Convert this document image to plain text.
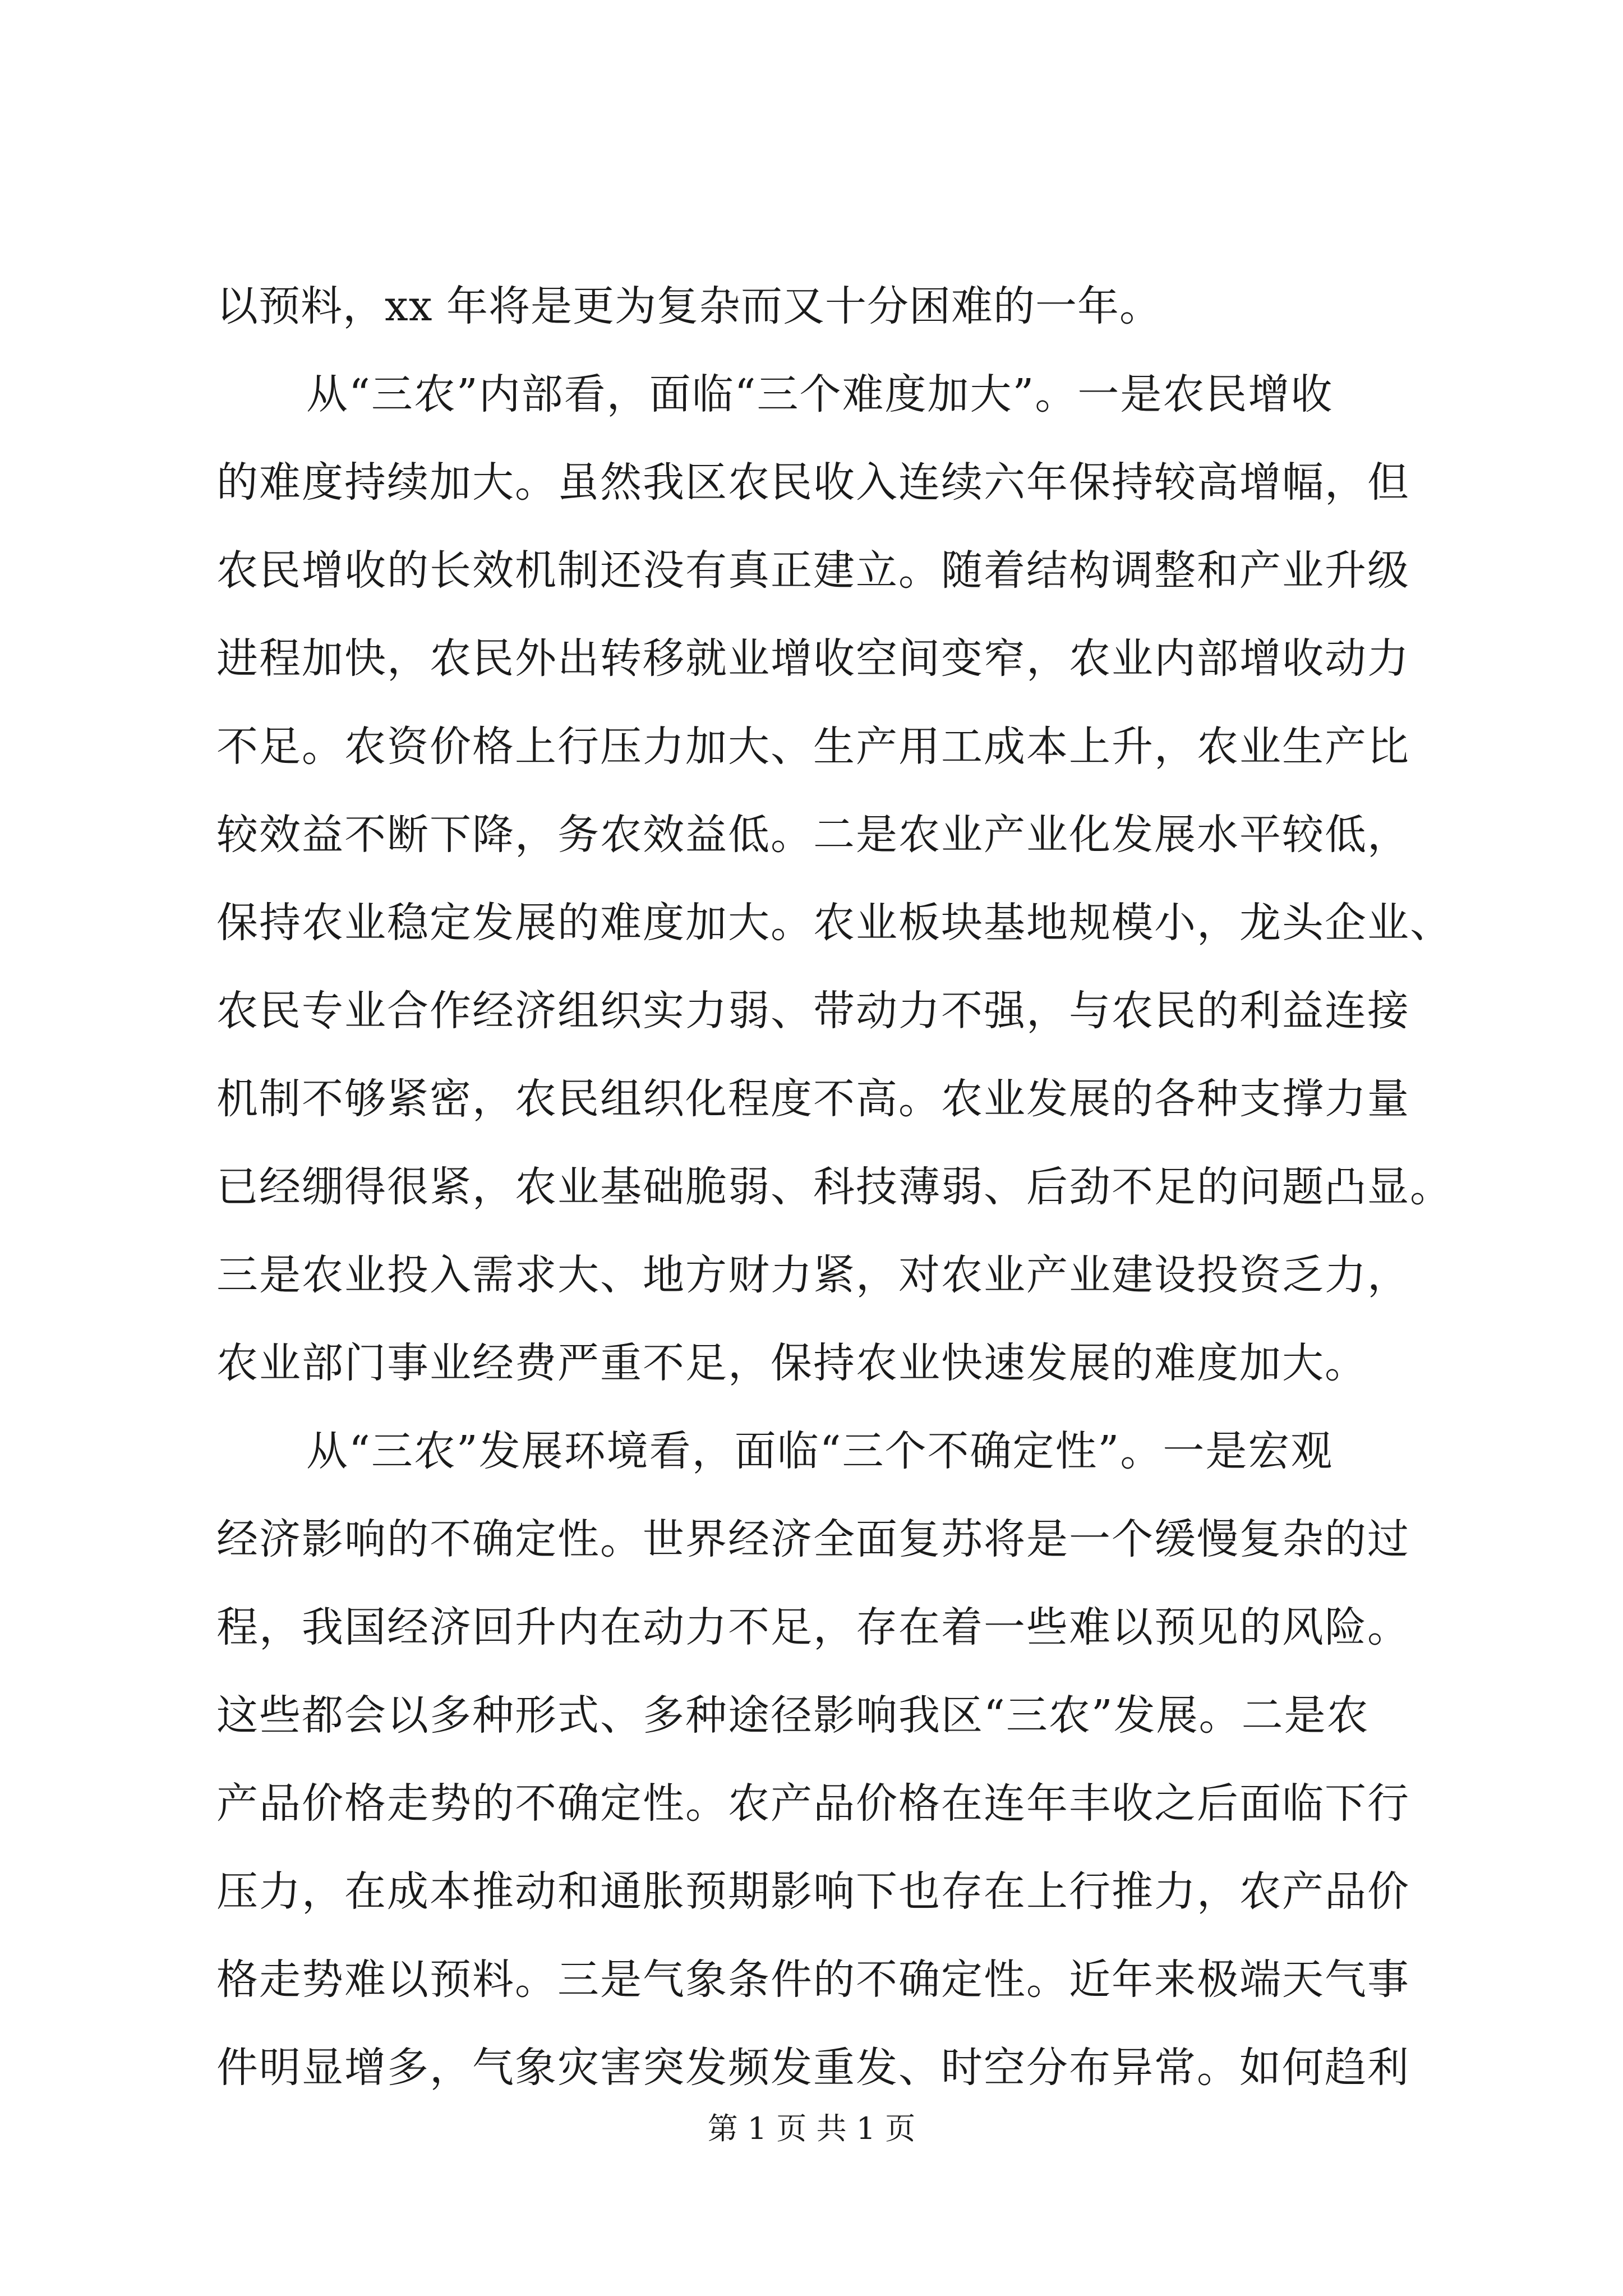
以预料，xx 年将是更为复杂而又十分困难的一年。
从“三农”内部看，面临“三个难度加大”。一是农民增收
的难度持续加大。虽然我区农民收入连续六年保持较高增幅，但
农民增收的长效机制还没有真正建立。随着结构调整和产业升级
进程加快，农民外出转移就业增收空间变窄，农业内部增收动力
不足。农资价格上行压力加大、生产用工成本上升，农业生产比
较效益不断下降，务农效益低。二是农业产业化发展水平较低，
保持农业稳定发展的难度加大。农业板块基地规模小，龙头企业、
农民专业合作经济组织实力弱、带动力不强，与农民的利益连接
机制不够紧密，农民组织化程度不高。农业发展的各种支撑力量
已经绷得很紧，农业基础脆弱、科技薄弱、后劲不足的问题凸显。
三是农业投入需求大、地方财力紧，对农业产业建设投资乏力，
农业部门事业经费严重不足，保持农业快速发展的难度加大。
从“三农”发展环境看，面临“三个不确定性”。一是宏观
经济影响的不确定性。世界经济全面复苏将是一个缓慢复杂的过
程，我国经济回升内在动力不足，存在着一些难以预见的风险。
这些都会以多种形式、多种途径影响我区“三农”发展。二是农
产品价格走势的不确定性。农产品价格在连年丰收之后面临下行
压力，在成本推动和通胀预期影响下也存在上行推力，农产品价
格走势难以预料。三是气象条件的不确定性。近年来极端天气事
件明显增多，气象灾害突发频发重发、时空分布异常。如何趋利
第 1 页 共 1 页
